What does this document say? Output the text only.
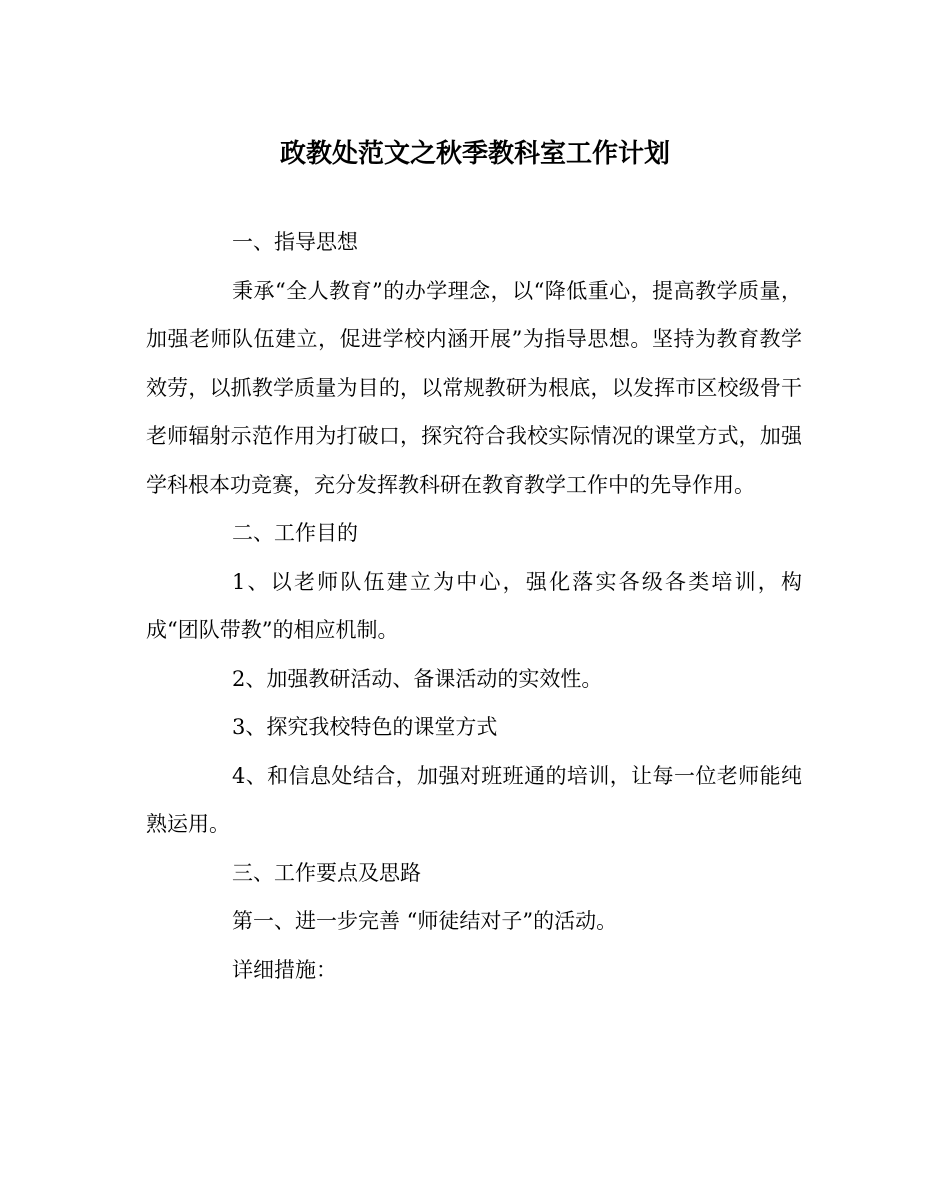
政教处范文之秋季教科室工作计划

一、指导思想

秉承“全人教育”的办学理念，以“降低重心，提高教学质量，加强老师队伍建立，促进学校内涵开展”为指导思想。坚持为教育教学效劳，以抓教学质量为目的，以常规教研为根底，以发挥市区校级骨干老师辐射示范作用为打破口，探究符合我校实际情况的课堂方式，加强学科根本功竞赛，充分发挥教科研在教育教学工作中的先导作用。

二、工作目的

1、以老师队伍建立为中心，强化落实各级各类培训，构成“团队带教”的相应机制。

2、加强教研活动、备课活动的实效性。

3、探究我校特色的课堂方式

4、和信息处结合，加强对班班通的培训，让每一位老师能纯熟运用。

三、工作要点及思路

第一、进一步完善 “师徒结对子”的活动。

详细措施：
